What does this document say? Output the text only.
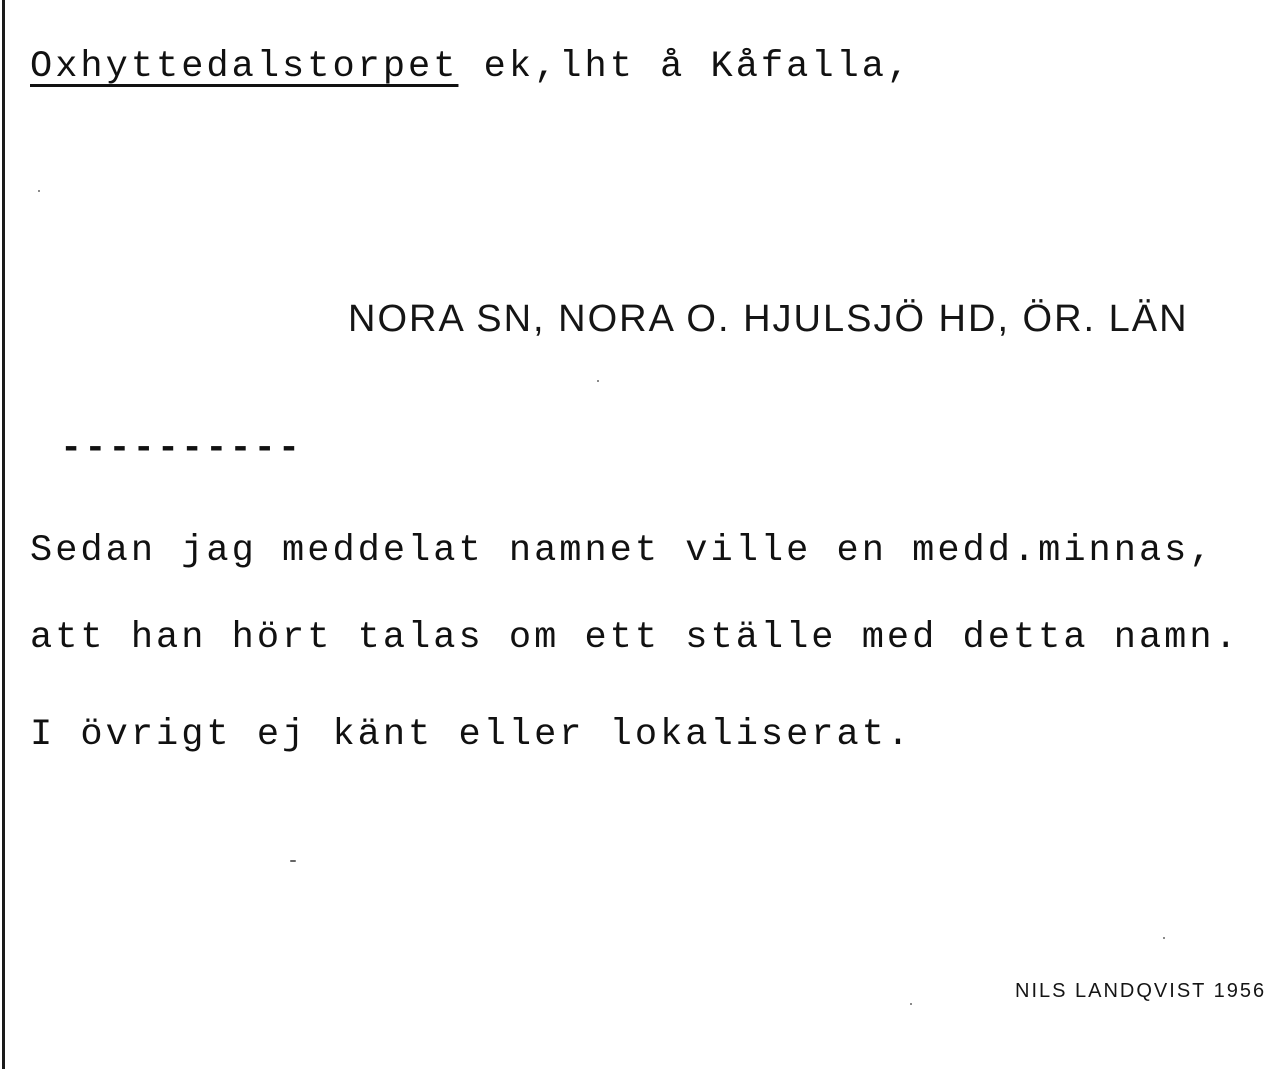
Oxhyttedalstorpet ek,lht å Kåfalla,
NORA SN, NORA O. HJULSJÖ HD, ÖR. LÄN
----------
Sedan jag meddelat namnet ville en medd.minnas,
att han hört talas om ett ställe med detta namn.
I övrigt ej känt eller lokaliserat.
NILS LANDQVIST 1956
